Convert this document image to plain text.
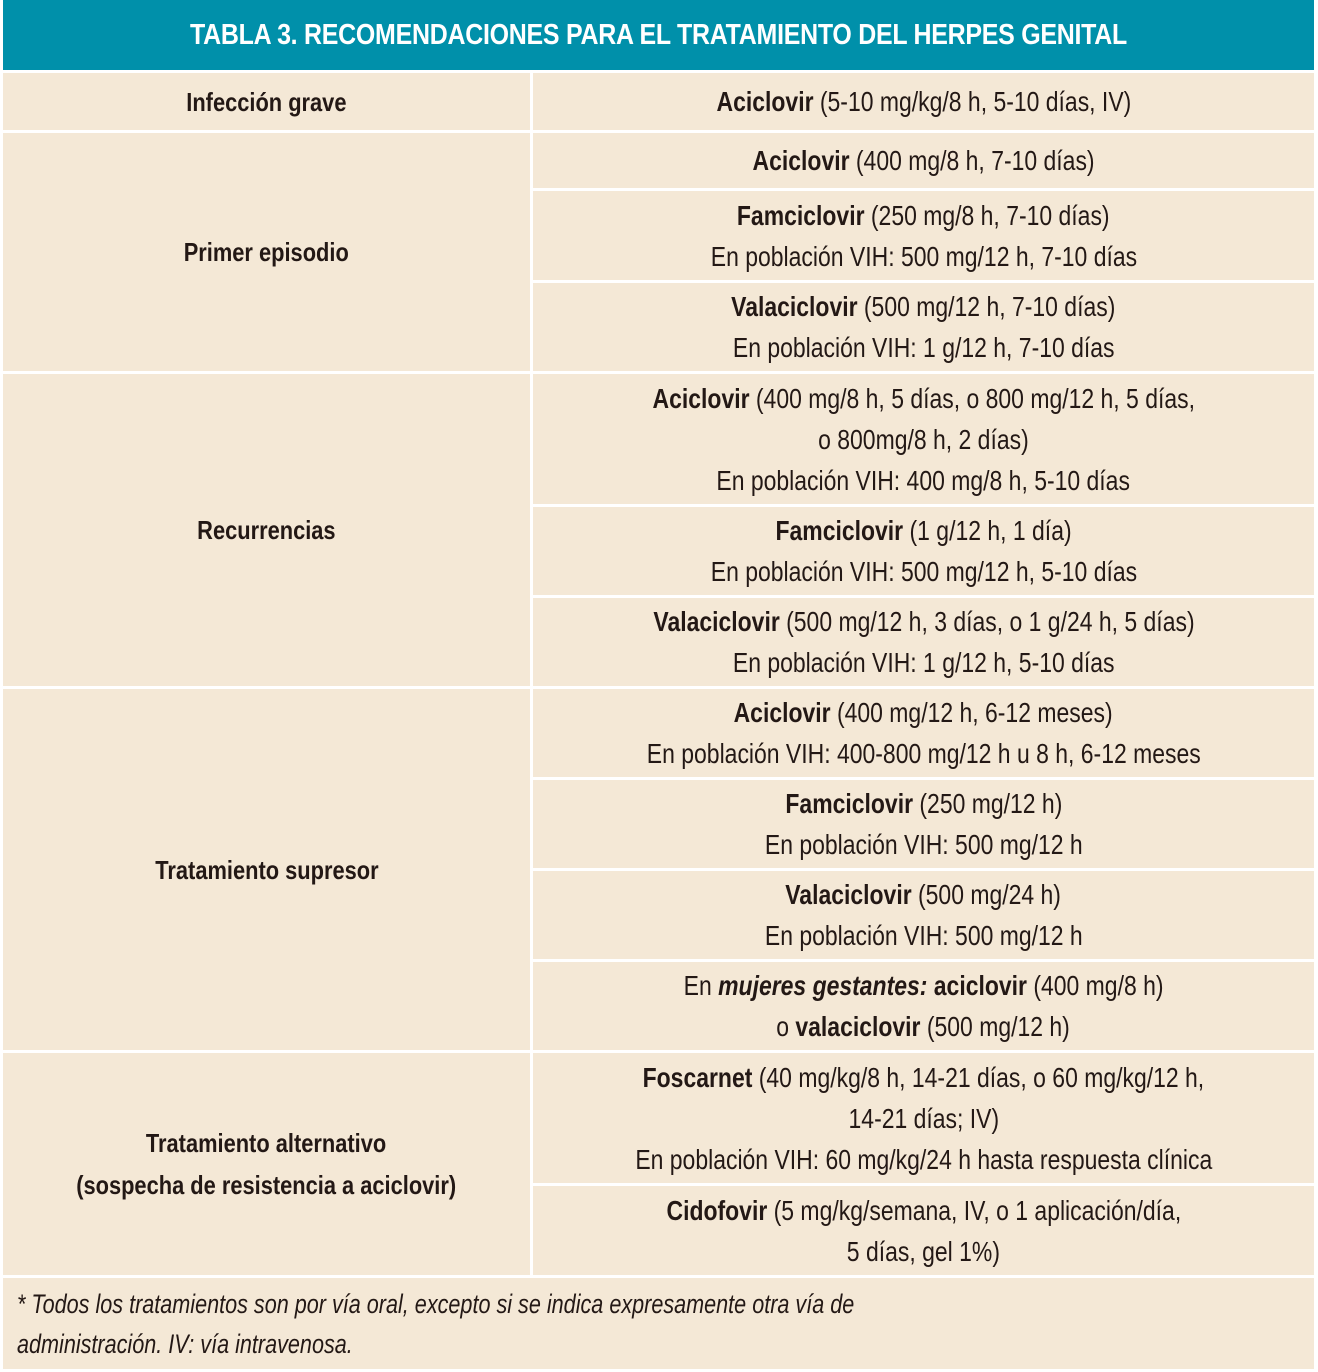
TABLA 3. RECOMENDACIONES PARA EL TRATAMIENTO DEL HERPES GENITAL
Infección grave	Aciclovir (5-10 mg/kg/8 h, 5-10 días, IV)
Primer episodio
Aciclovir (400 mg/8 h, 7-10 días)
Famciclovir (250 mg/8 h, 7-10 días)
En población VIH: 500 mg/12 h, 7-10 días
Valaciclovir (500 mg/12 h, 7-10 días)
En población VIH: 1 g/12 h, 7-10 días
Recurrencias
Aciclovir (400 mg/8 h, 5 días, o 800 mg/12 h, 5 días,
o 800mg/8 h, 2 días)
En población VIH: 400 mg/8 h, 5-10 días
Famciclovir (1 g/12 h, 1 día)
En población VIH: 500 mg/12 h, 5-10 días
Valaciclovir (500 mg/12 h, 3 días, o 1 g/24 h, 5 días)
En población VIH: 1 g/12 h, 5-10 días
Tratamiento supresor
Aciclovir (400 mg/12 h, 6-12 meses)
En población VIH: 400-800 mg/12 h u 8 h, 6-12 meses
Famciclovir (250 mg/12 h)
En población VIH: 500 mg/12 h
Valaciclovir (500 mg/24 h)
En población VIH: 500 mg/12 h
En mujeres gestantes: aciclovir (400 mg/8 h)
o valaciclovir (500 mg/12 h)
Tratamiento alternativo
(sospecha de resistencia a aciclovir)
Foscarnet (40 mg/kg/8 h, 14-21 días, o 60 mg/kg/12 h,
14-21 días; IV)
En población VIH: 60 mg/kg/24 h hasta respuesta clínica
Cidofovir (5 mg/kg/semana, IV, o 1 aplicación/día,
5 días, gel 1%)
* Todos los tratamientos son por vía oral, excepto si se indica expresamente otra vía de
administración. IV: vía intravenosa.
